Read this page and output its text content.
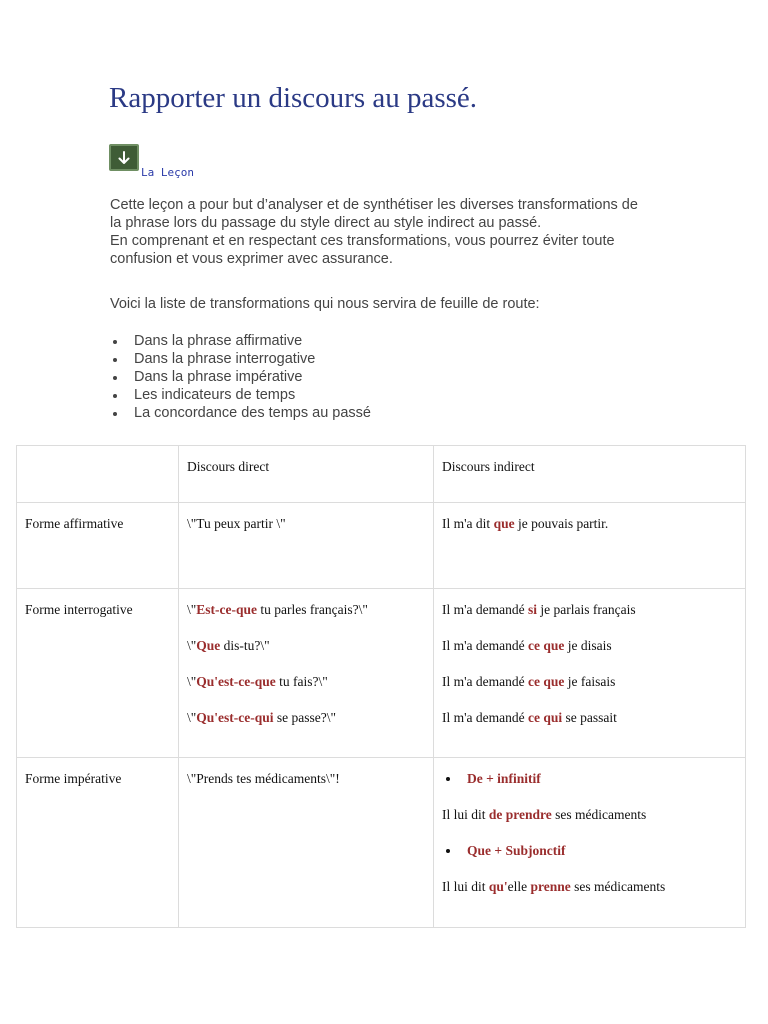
Rapporter un discours au passé.
La Leçon

Cette leçon a pour but d’analyser et de synthétiser les diverses transformations de la phrase lors du passage du style direct au style indirect au passé.

En comprenant et en respectant ces transformations, vous pourrez éviter toute confusion et vous exprimer avec assurance.

Voici la liste de transformations qui nous servira de feuille de route:

Dans la phrase affirmative
Dans la phrase interrogative
Dans la phrase impérative
Les indicateurs de temps
La concordance des temps au passé

	Discours direct	Discours indirect

Forme affirmative	\"Tu peux partir \"	Il m'a dit que je pouvais partir.

Forme interrogative	\"Est-ce-que tu parles français?\"
\"Que dis-tu?\"
\"Qu'est-ce-que tu fais?\"
\"Qu'est-ce-qui se passe?\"	Il m'a demandé si je parlais français
Il m'a demandé ce que je disais
Il m'a demandé ce que je faisais
Il m'a demandé ce qui se passait

Forme impérative	\"Prends tes médicaments\"!	De + infinitif
Il lui dit de prendre ses médicaments
Que + Subjonctif
Il lui dit qu'elle prenne ses médicaments
